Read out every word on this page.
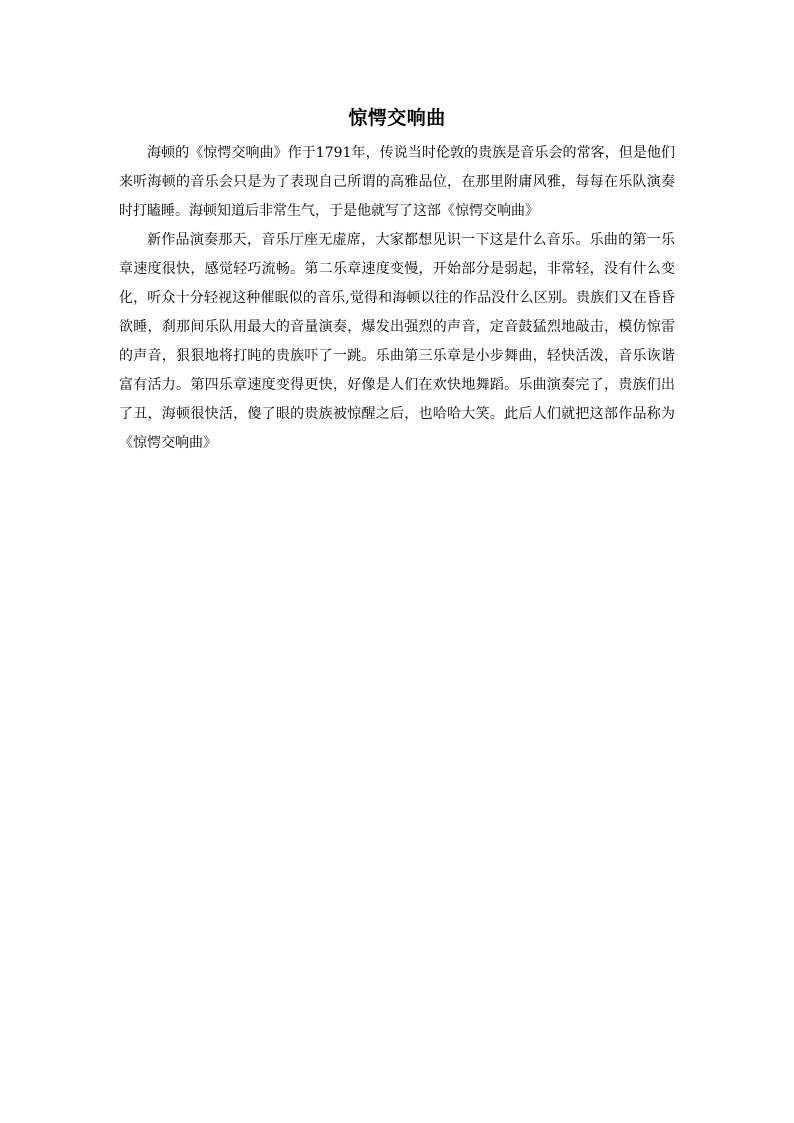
惊愕交响曲

海顿的《惊愕交响曲》作于1791年，传说当时伦敦的贵族是音乐会的常客，但是他们来听海顿的音乐会只是为了表现自己所谓的高雅品位，在那里附庸风雅，每每在乐队演奏时打瞌睡。海顿知道后非常生气，于是他就写了这部《惊愕交响曲》

新作品演奏那天，音乐厅座无虚席，大家都想见识一下这是什么音乐。乐曲的第一乐章速度很快，感觉轻巧流畅。第二乐章速度变慢，开始部分是弱起，非常轻，没有什么变化，听众十分轻视这种催眠似的音乐,觉得和海顿以往的作品没什么区别。贵族们又在昏昏欲睡，刹那间乐队用最大的音量演奏，爆发出强烈的声音，定音鼓猛烈地敲击，模仿惊雷的声音，狠狠地将打盹的贵族吓了一跳。乐曲第三乐章是小步舞曲，轻快活泼，音乐诙谐富有活力。第四乐章速度变得更快，好像是人们在欢快地舞蹈。乐曲演奏完了，贵族们出了丑，海顿很快活，傻了眼的贵族被惊醒之后，也哈哈大笑。此后人们就把这部作品称为《惊愕交响曲》
